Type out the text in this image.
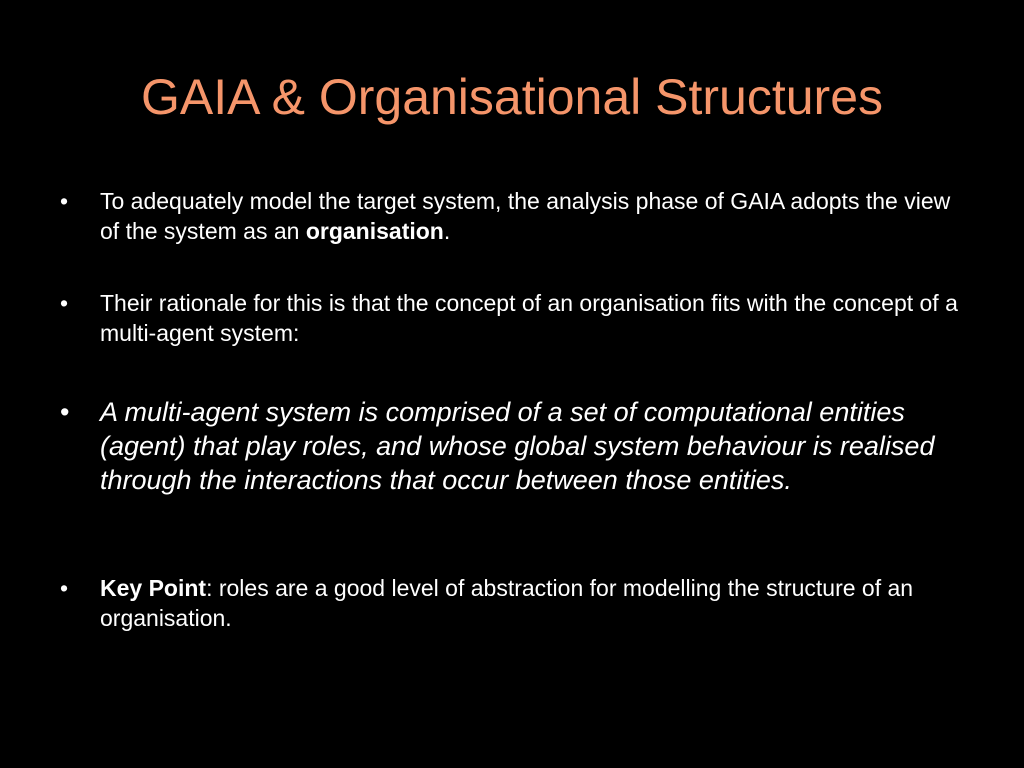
GAIA & Organisational Structures
•	To adequately model the target system, the analysis phase of GAIA adopts the view of the system as an organisation.
•	Their rationale for this is that the concept of an organisation fits with the concept of a multi-agent system:
•	A multi-agent system is comprised of a set of computational entities (agent) that play roles, and whose global system behaviour is realised through the interactions that occur between those entities.
•	Key Point: roles are a good level of abstraction for modelling the structure of an organisation.
